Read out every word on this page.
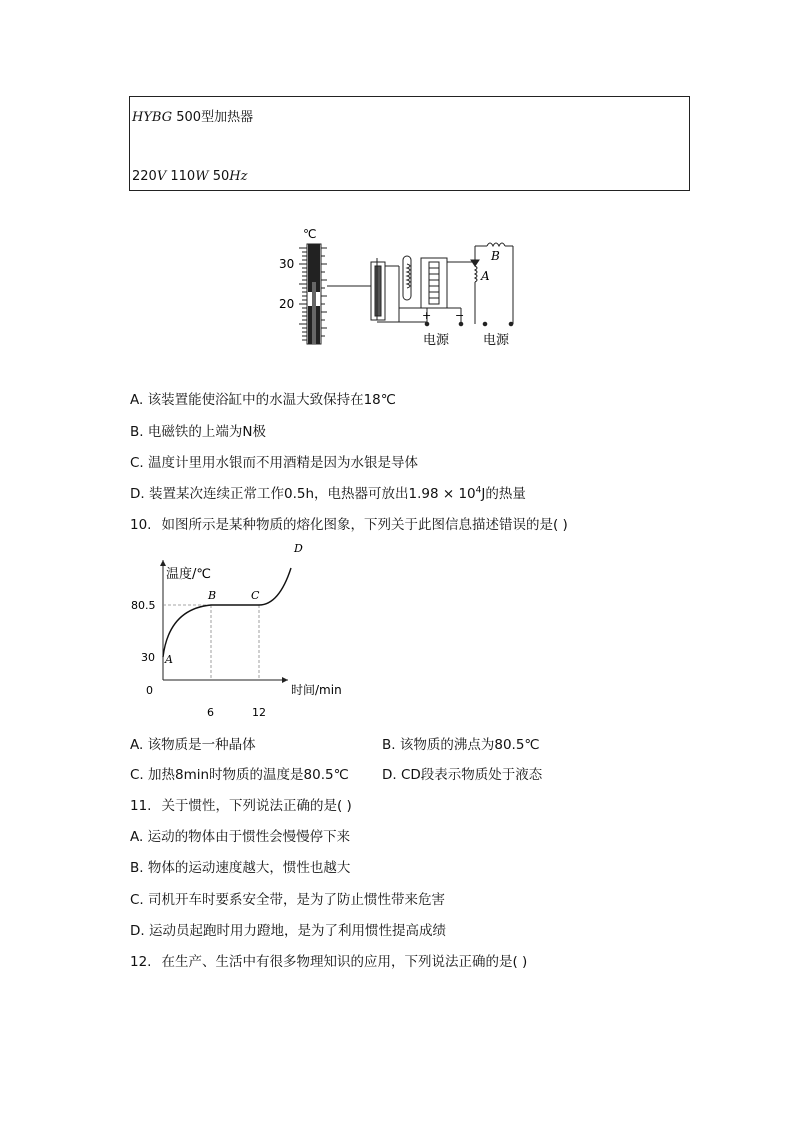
HYBG 500型加热器
220V 110W 50Hz
℃
30
20
+ −
电源
B
A
电源
A. 该装置能使浴缸中的水温大致保持在18℃
B. 电磁铁的上端为N极
C. 温度计里用水银而不用酒精是因为水银是导体
D. 装置某次连续正常工作0.5h，电热器可放出$1.98 \times 10^4J$的热量
10. 如图所示是某种物质的熔化图象，下列关于此图信息描述错误的是( )
温度/℃
时间/min
0
80.5
30
6	12
A
B	C
D
A. 该物质是一种晶体	B. 该物质的沸点为80.5℃
C. 加热8min时物质的温度是80.5℃ D. CD段表示物质处于液态
11. 关于惯性，下列说法正确的是( )
A. 运动的物体由于惯性会慢慢停下来
B. 物体的运动速度越大，惯性也越大
C. 司机开车时要系安全带，是为了防止惯性带来危害
D. 运动员起跑时用力蹬地，是为了利用惯性提高成绩
12. 在生产、生活中有很多物理知识的应用，下列说法正确的是( )
